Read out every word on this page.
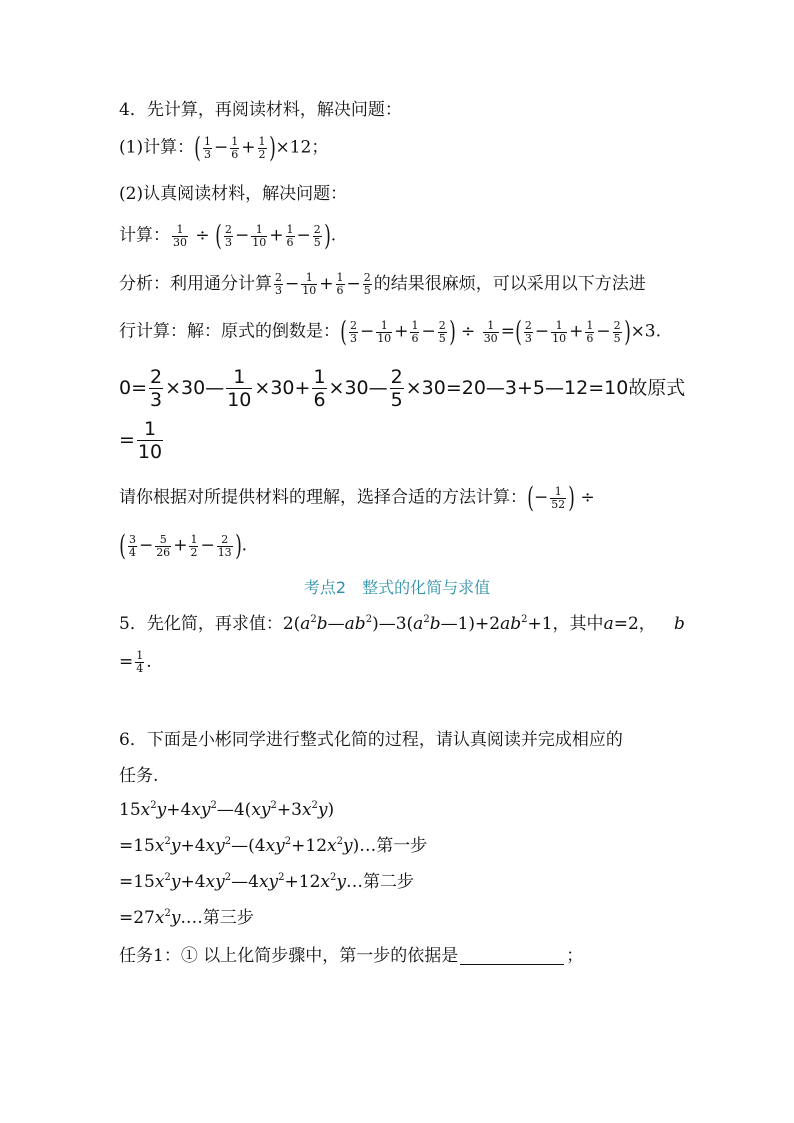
4．先计算，再阅读材料，解决问题：
(1)计算：( $\frac{1}{3} - \frac{1}{6} + \frac{1}{2} )\times 12$；
(2)认真阅读材料，解决问题：
计算： $\frac{1}{30}$ ÷ ( $\frac{2}{3} - \frac{1}{10} + \frac{1}{6} - \frac{2}{5}$ ).
分析：利用通分计算 $\frac{2}{3} - \frac{1}{10} + \frac{1}{6} - \frac{2}{5}$ 的结果很麻烦，可以采用以下方法进
行计算：解：原式的倒数是：( $\frac{2}{3} - \frac{1}{10} + \frac{1}{6} - \frac{2}{5}$ ) ÷ $\frac{1}{30}$ =( $\frac{2}{3} - \frac{1}{10} + \frac{1}{6} - \frac{2}{5} )\times 3$.
$0= \frac{2}{3}$ ×30— $\frac{1}{10} \times 30+ \frac{1}{6}$ ×30— $\frac{2}{5}$ ×30=20—3+5—12=10故原式
= $\frac{1}{10}$
请你根据对所提供材料的理解，选择合适的方法计算：(− $\frac{1}{52}$ ) ÷
( $\frac{3}{4} - \frac{5}{26} + \frac{1}{2} - \frac{2}{13}$ ).
考点2　整式的化简与求值
5．先化简，再求值：$2(a^2b—ab^2)—3(a^2b—1)+2ab^2+1$，其中a=2， b
= $\frac{1}{4}$ .
6．下面是小彬同学进行整式化简的过程，请认真阅读并完成相应的
任务.
$15x^2y+4xy^2—4(xy^2+3x^2y)$
$=15x^2y+4xy^2—(4xy^2+12x^2y)\dots$第一步
$=15x^2y+4xy^2—4xy^2+12x^2y\dots$第二步
$=27x^2y.\dots$第三步
任务1：① 以上化简步骤中，第一步的依据是	；
